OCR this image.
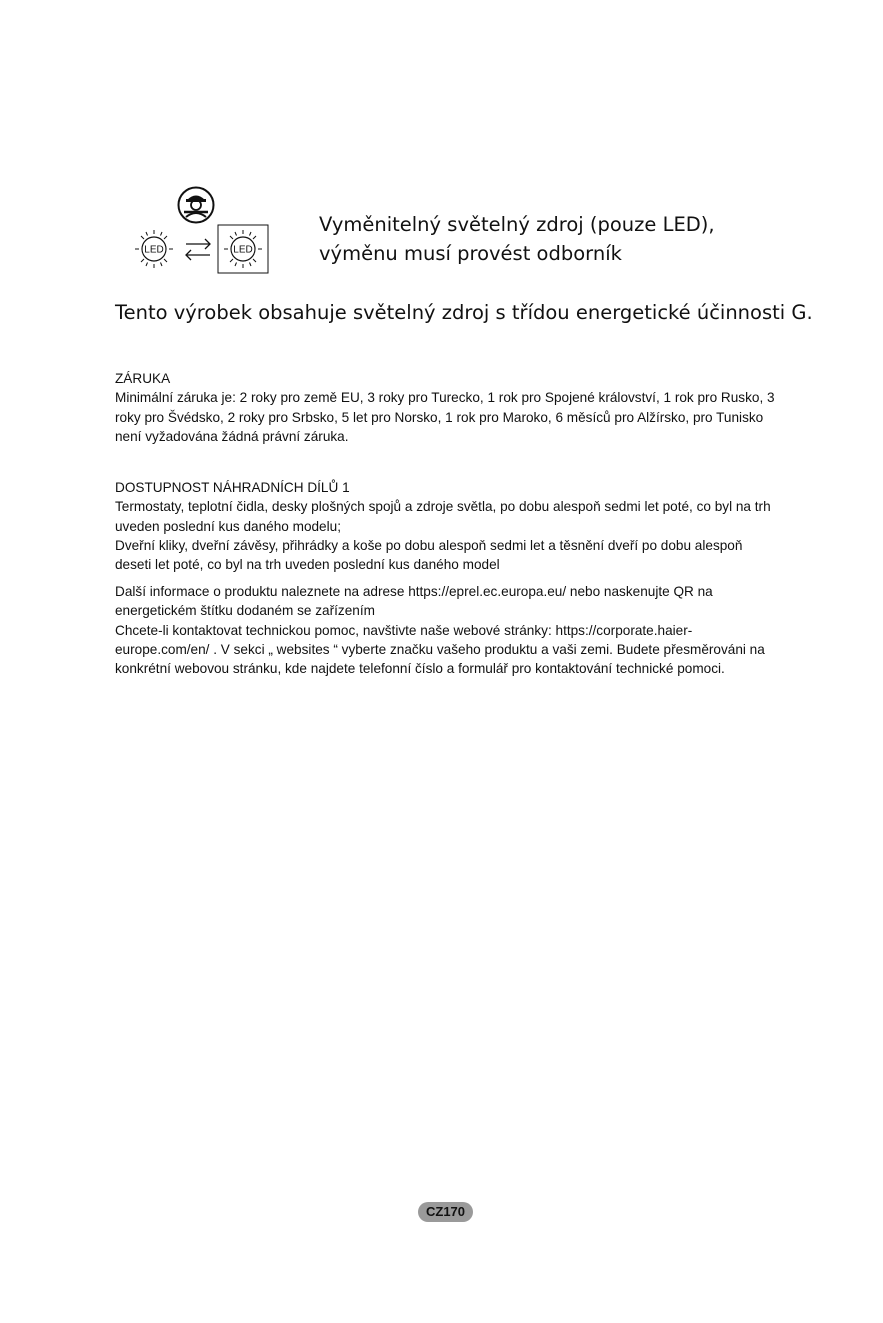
LED	LED
Vyměnitelný světelný zdroj (pouze LED), výměnu musí provést odborník
Tento výrobek obsahuje světelný zdroj s třídou energetické účinnosti G.
ZÁRUKA

Minimální záruka je: 2 roky pro země EU, 3 roky pro Turecko, 1 rok pro Spojené království, 1 rok pro Rusko, 3 roky pro Švédsko, 2 roky pro Srbsko, 5 let pro Norsko, 1 rok pro Maroko, 6 měsíců pro Alžírsko, pro Tunisko není vyžadována žádná právní záruka.

DOSTUPNOST NÁHRADNÍCH DÍLŮ 1

Termostaty, teplotní čidla, desky plošných spojů a zdroje světla, po dobu alespoň sedmi let poté, co byl na trh uveden poslední kus daného modelu;

Dveřní kliky, dveřní závěsy, přihrádky a koše po dobu alespoň sedmi let a těsnění dveří po dobu alespoň deseti let poté, co byl na trh uveden poslední kus daného model

Další informace o produktu naleznete na adrese https://eprel.ec.europa.eu/ nebo naskenujte QR na energetickém štítku dodaném se zařízením

Chcete-li kontaktovat technickou pomoc, navštivte naše webové stránky: https://corporate.haier-europe.com/en/ . V sekci „ websites “ vyberte značku vašeho produktu a vaši zemi. Budete přesměrováni na konkrétní webovou stránku, kde najdete telefonní číslo a formulář pro kontaktování technické pomoci.

CZ170
